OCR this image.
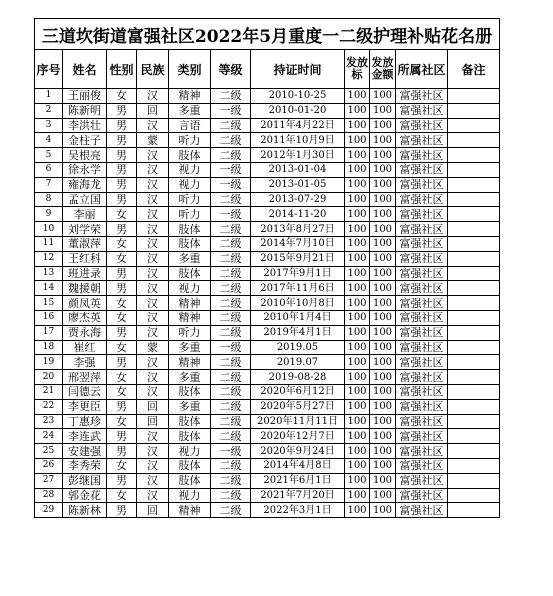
三道坎街道富强社区2022年5月重度一二级护理补贴花名册										
序号	姓名	性别	民族	类别	等级	持证时间	发放标	发放金额	所属社区	备注
1	王丽俊	女	汉	精神	二级	2010-10-25	100	100	富强社区	
2	陈新明	男	回	多重	一级	2010-01-20	100	100	富强社区	
3	李洪壮	男	汉	言语	二级	2011年4月22日	100	100	富强社区	
4	金柱子	男	蒙	听力	二级	2011年10月9日	100	100	富强社区	
5	吴根亮	男	汉	肢体	二级	2012年1月30日	100	100	富强社区	
6	徐永学	男	汉	视力	一级	2013-01-04	100	100	富强社区	
7	雍海龙	男	汉	视力	一级	2013-01-05	100	100	富强社区	
8	孟立国	男	汉	听力	二级	2013-07-29	100	100	富强社区	
9	李丽	女	汉	听力	一级	2014-11-20	100	100	富强社区	
10	刘学荣	男	汉	肢体	二级	2013年8月27日	100	100	富强社区	
11	董淑萍	女	汉	肢体	二级	2014年7月10日	100	100	富强社区	
12	王红科	女	汉	多重	二级	2015年9月21日	100	100	富强社区	
13	班进录	男	汉	肢体	二级	2017年9月1日	100	100	富强社区	
14	魏援朝	男	汉	视力	二级	2017年11月6日	100	100	富强社区	
15	颜凤英	女	汉	精神	二级	2010年10月8日	100	100	富强社区	
16	廖杰英	女	汉	精神	二级	2010年1月4日	100	100	富强社区	
17	贾永海	男	汉	听力	二级	2019年4月1日	100	100	富强社区	
18	崔红	女	蒙	多重	一级	2019.05	100	100	富强社区	
19	李强	男	汉	精神	二级	2019.07	100	100	富强社区	
20	邢翌萍	女	汉	多重	二级	2019-08-28	100	100	富强社区	
21	闫德云	女	汉	肢体	二级	2020年6月12日	100	100	富强社区	
22	李更臣	男	回	多重	二级	2020年5月27日	100	100	富强社区	
23	丁惠珍	女	回	肢体	二级	2020年11月11日	100	100	富强社区	
24	李连武	男	汉	肢体	二级	2020年12月7日	100	100	富强社区	
25	安建强	男	汉	视力	一级	2020年9月24日	100	100	富强社区	
26	李秀荣	女	汉	肢体	二级	2014年4月8日	100	100	富强社区	
27	彭继国	男	汉	肢体	二级	2021年6月1日	100	100	富强社区	
28	郭金花	女	汉	视力	二级	2021年7月20日	100	100	富强社区	
29	陈新林	男	回	精神	二级	2022年3月1日	100	100	富强社区	
